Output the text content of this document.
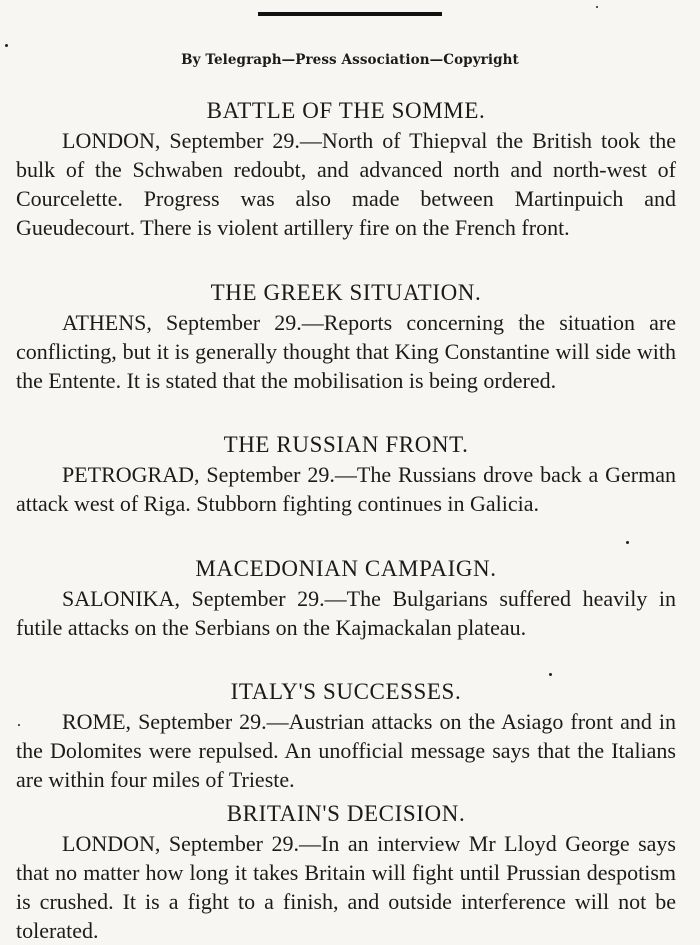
By Telegraph—Press Association—Copyright
BATTLE OF THE SOMME.

LONDON, September 29.—North of Thiepval the British took the bulk of the Schwaben redoubt, and advanced north and north-west of Courcelette. Progress was also made between Martinpuich and Gueudecourt. There is violent artillery fire on the French front.

THE GREEK SITUATION.

ATHENS, September 29.—Reports concerning the situation are conflicting, but it is generally thought that King Constantine will side with the Entente. It is stated that the mobilisation is being ordered.

THE RUSSIAN FRONT.

PETROGRAD, September 29.—The Russians drove back a German attack west of Riga. Stubborn fighting continues in Galicia.

MACEDONIAN CAMPAIGN.

SALONIKA, September 29.—The Bulgarians suffered heavily in futile attacks on the Serbians on the Kajmackalan plateau.

ITALY'S SUCCESSES.

ROME, September 29.—Austrian attacks on the Asiago front and in the Dolomites were repulsed. An unofficial message says that the Italians are within four miles of Trieste.

BRITAIN'S DECISION.

LONDON, September 29.—In an interview Mr Lloyd George says that no matter how long it takes Britain will fight until Prussian despotism is crushed. It is a fight to a finish, and outside interference will not be tolerated.
